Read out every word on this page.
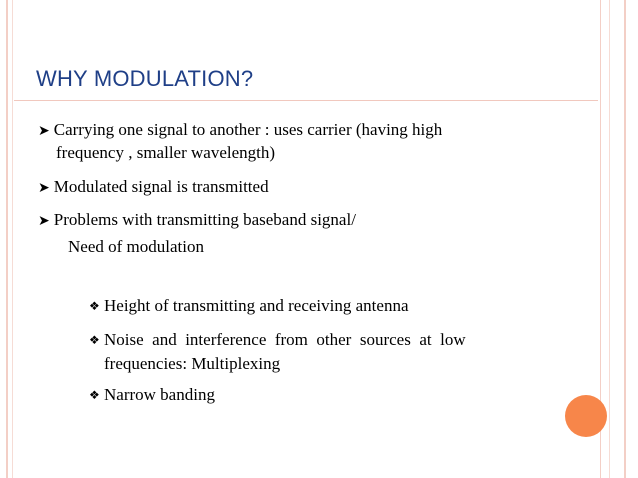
WHY MODULATION?
➤ Carrying one signal to another : uses carrier (having high
frequency , smaller wavelength)
➤ Modulated signal is transmitted
➤ Problems with transmitting baseband signal/
Need of modulation
❖ Height of transmitting and receiving antenna
❖ Noise  and  interference  from  other  sources  at  low
frequencies: Multiplexing
❖ Narrow banding
